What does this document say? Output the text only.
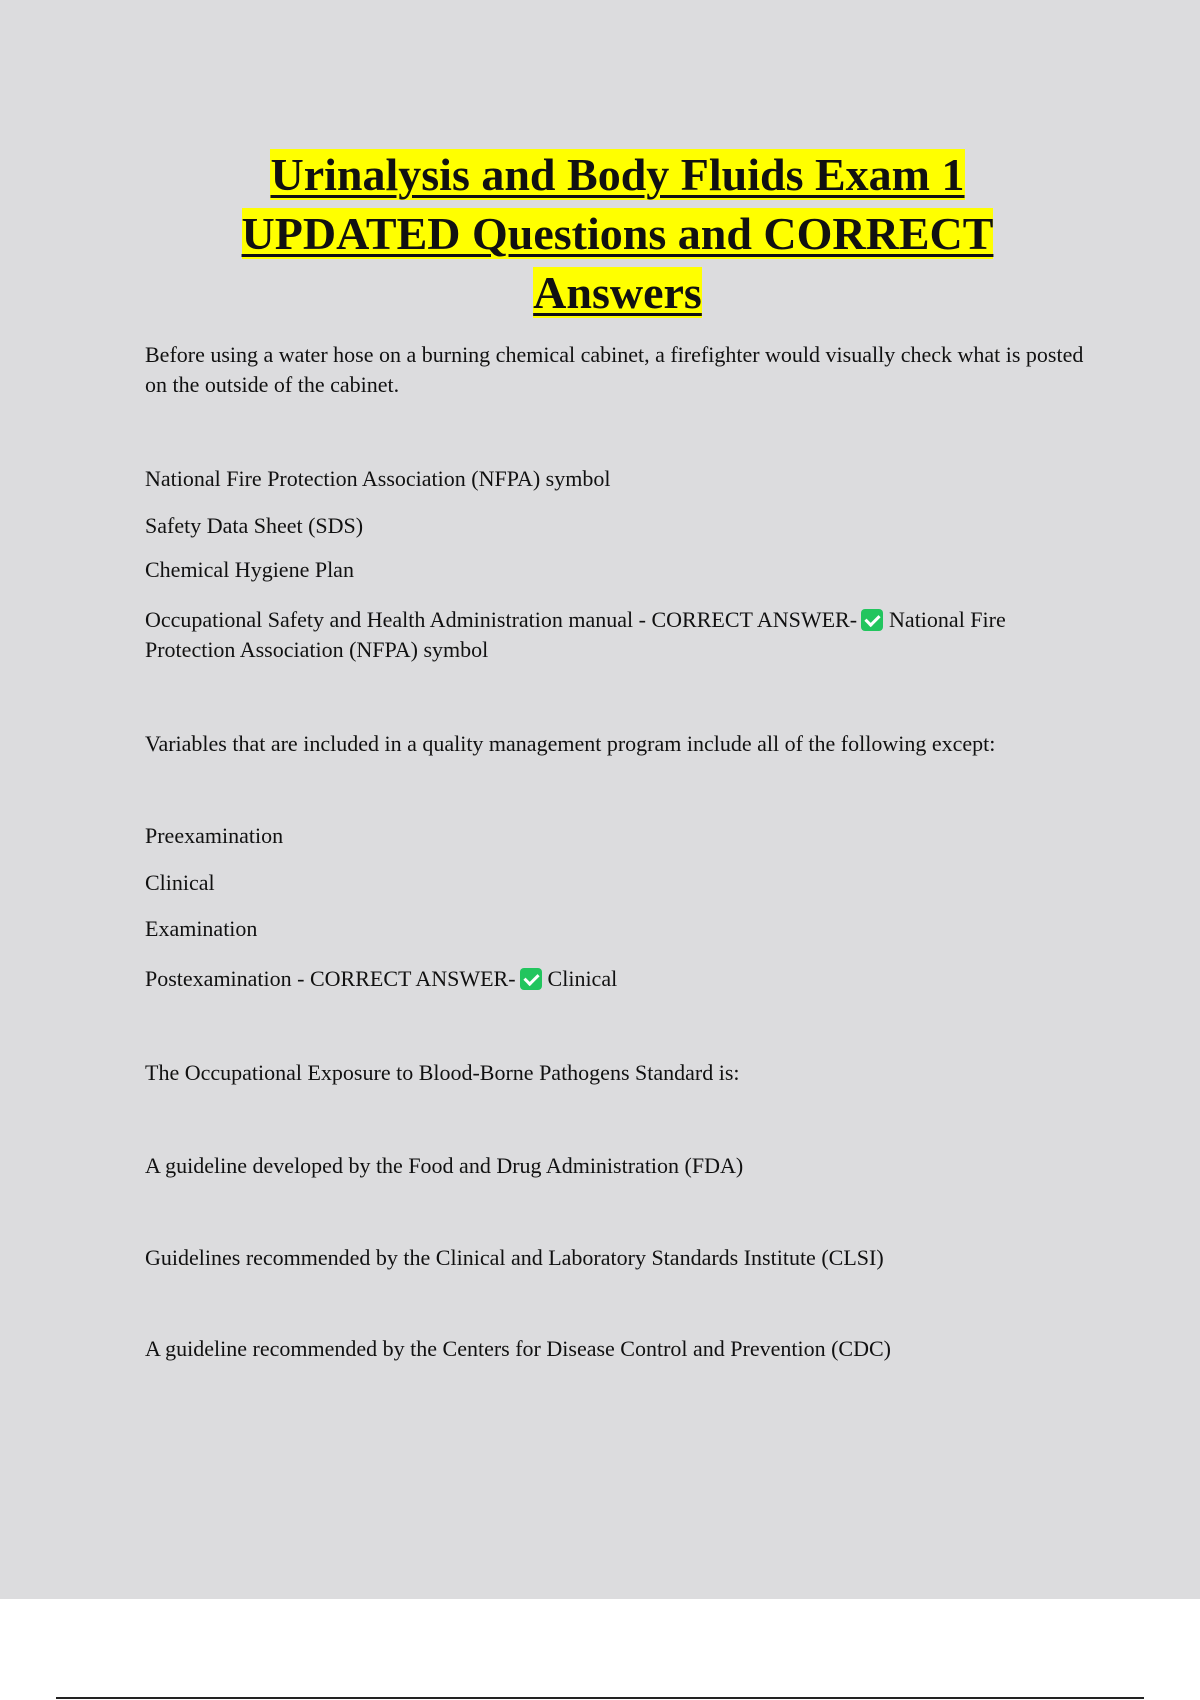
Urinalysis and Body Fluids Exam 1
UPDATED Questions and CORRECT
Answers

Before using a water hose on a burning chemical cabinet, a firefighter would visually check what is posted on the outside of the cabinet.

National Fire Protection Association (NFPA) symbol

Safety Data Sheet (SDS)

Chemical Hygiene Plan

Occupational Safety and Health Administration manual - CORRECT ANSWER- National Fire Protection Association (NFPA) symbol

Variables that are included in a quality management program include all of the following except:

Preexamination

Clinical

Examination

Postexamination - CORRECT ANSWER- Clinical

The Occupational Exposure to Blood-Borne Pathogens Standard is:

A guideline developed by the Food and Drug Administration (FDA)

Guidelines recommended by the Clinical and Laboratory Standards Institute (CLSI)

A guideline recommended by the Centers for Disease Control and Prevention (CDC)
